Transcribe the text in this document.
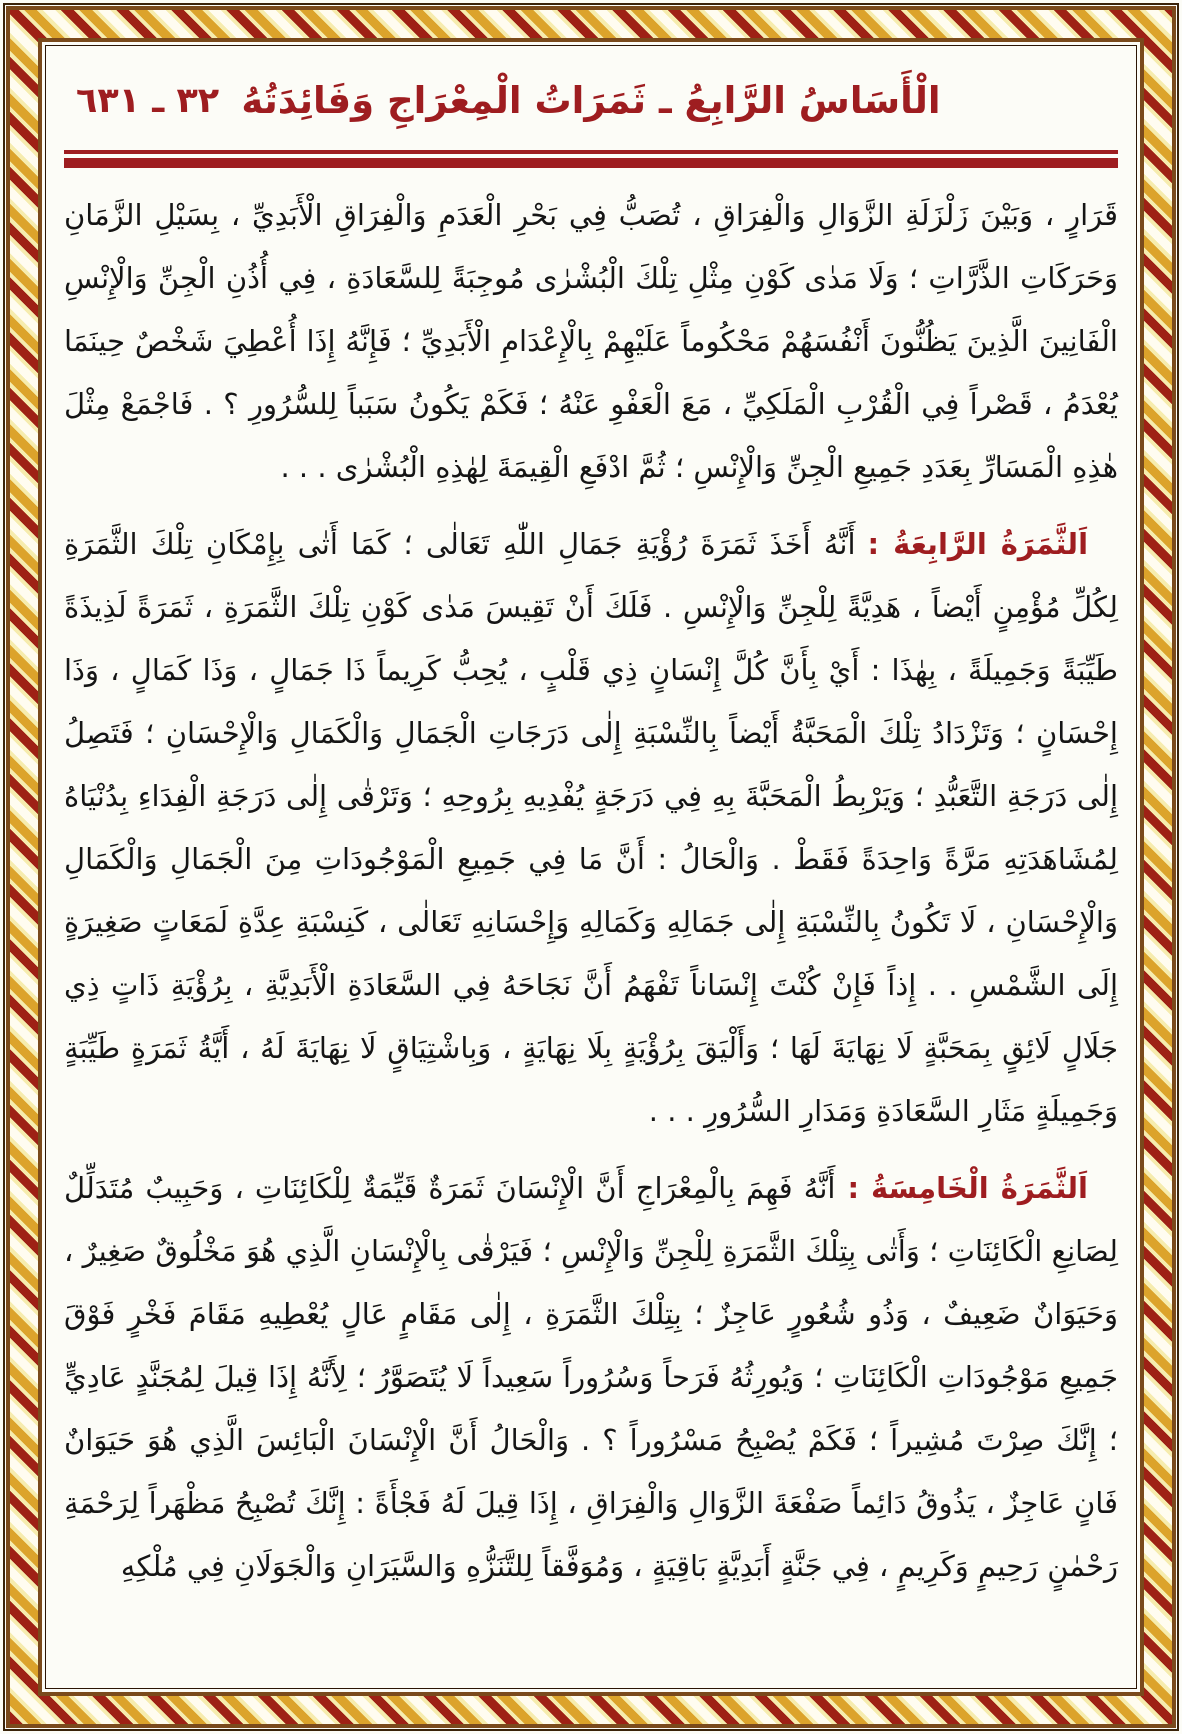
الْأَسَاسُ الرَّابِعُ ـ ثَمَرَاتُ الْمِعْرَاجِ وَفَائِدَتُهُ
٣٢ ـ ٦٣١

قَرَارٍ ، وَبَيْنَ زَلْزَلَةِ الزَّوَالِ وَالْفِرَاقِ ، تُصَبُّ فِي بَحْرِ الْعَدَمِ وَالْفِرَاقِ الْأَبَدِيِّ ، بِسَيْلِ الزَّمَانِ وَحَرَكَاتِ الذَّرَّاتِ ؛ وَلَا مَدٰى كَوْنِ مِثْلِ تِلْكَ الْبُشْرٰى مُوجِبَةً لِلسَّعَادَةِ ، فِي أُذُنِ الْجِنِّ وَالْإِنْسِ الْفَانِينَ الَّذِينَ يَظُنُّونَ أَنْفُسَهُمْ مَحْكُوماً عَلَيْهِمْ بِالْإِعْدَامِ الْأَبَدِيِّ ؛ فَإِنَّهُ إِذَا أُعْطِيَ شَخْصٌ حِينَمَا يُعْدَمُ ، قَصْراً فِي الْقُرْبِ الْمَلَكِيِّ ، مَعَ الْعَفْوِ عَنْهُ ؛ فَكَمْ يَكُونُ سَبَباً لِلسُّرُورِ ؟ . فَاجْمَعْ مِثْلَ هٰذِهِ الْمَسَارِّ بِعَدَدِ جَمِيعِ الْجِنِّ وَالْإِنْسِ ؛ ثُمَّ ادْفَعِ الْقِيمَةَ لِهٰذِهِ الْبُشْرٰى . . .

اَلثَّمَرَةُ الرَّابِعَةُ :أَنَّهُ أَخَذَ ثَمَرَةَ رُؤْيَةِ جَمَالِ اللّٰهِ تَعَالٰى ؛ كَمَا أَتٰى بِإِمْكَانِ تِلْكَ الثَّمَرَةِ لِكُلِّ مُؤْمِنٍ أَيْضاً ، هَدِيَّةً لِلْجِنِّ وَالْإِنْسِ . فَلَكَ أَنْ تَقِيسَ مَدٰى كَوْنِ تِلْكَ الثَّمَرَةِ ، ثَمَرَةً لَذِيذَةً طَيِّبَةً وَجَمِيلَةً ، بِهٰذَا : أَيْ بِأَنَّ كُلَّ إِنْسَانٍ ذِي قَلْبٍ ، يُحِبُّ كَرِيماً ذَا جَمَالٍ ، وَذَا كَمَالٍ ، وَذَا إِحْسَانٍ ؛ وَتَزْدَادُ تِلْكَ الْمَحَبَّةُ أَيْضاً بِالنِّسْبَةِ إِلٰى دَرَجَاتِ الْجَمَالِ وَالْكَمَالِ وَالْإِحْسَانِ ؛ فَتَصِلُ إِلٰى دَرَجَةِ التَّعَبُّدِ ؛ وَيَرْبِطُ الْمَحَبَّةَ بِهِ فِي دَرَجَةٍ يُفْدِيهِ بِرُوحِهِ ؛ وَتَرْقٰى إِلٰى دَرَجَةِ الْفِدَاءِ بِدُنْيَاهُ لِمُشَاهَدَتِهِ مَرَّةً وَاحِدَةً فَقَطْ . وَالْحَالُ : أَنَّ مَا فِي جَمِيعِ الْمَوْجُودَاتِ مِنَ الْجَمَالِ وَالْكَمَالِ وَالْإِحْسَانِ ، لَا تَكُونُ بِالنِّسْبَةِ إِلٰى جَمَالِهِ وَكَمَالِهِ وَإِحْسَانِهِ تَعَالٰى ، كَنِسْبَةِ عِدَّةِ لَمَعَاتٍ صَغِيرَةٍ إِلَى الشَّمْسِ . . إِذاً فَإِنْ كُنْتَ إِنْسَاناً تَفْهَمُ أَنَّ نَجَاحَهُ فِي السَّعَادَةِ الْأَبَدِيَّةِ ، بِرُؤْيَةِ ذَاتٍ ذِي جَلَالٍ لَائِقٍ بِمَحَبَّةٍ لَا نِهَايَةَ لَهَا ؛ وَأَلْيَقَ بِرُؤْيَةٍ بِلَا نِهَايَةٍ ، وَبِاشْتِيَاقٍ لَا نِهَايَةَ لَهُ ، أَيَّةُ ثَمَرَةٍ طَيِّبَةٍ وَجَمِيلَةٍ مَثَارِ السَّعَادَةِ وَمَدَارِ السُّرُورِ . . .

اَلثَّمَرَةُ الْخَامِسَةُ :أَنَّهُ فَهِمَ بِالْمِعْرَاجِ أَنَّ الْإِنْسَانَ ثَمَرَةٌ قَيِّمَةٌ لِلْكَائِنَاتِ ، وَحَبِيبٌ مُتَدَلِّلٌ لِصَانِعِ الْكَائِنَاتِ ؛ وَأَتٰى بِتِلْكَ الثَّمَرَةِ لِلْجِنِّ وَالْإِنْسِ ؛ فَيَرْقٰى بِالْإِنْسَانِ الَّذِي هُوَ مَخْلُوقٌ صَغِيرٌ ، وَحَيَوَانٌ ضَعِيفٌ ، وَذُو شُعُورٍ عَاجِزٌ ؛ بِتِلْكَ الثَّمَرَةِ ، إِلٰى مَقَامٍ عَالٍ يُعْطِيهِ مَقَامَ فَخْرٍ فَوْقَ جَمِيعِ مَوْجُودَاتِ الْكَائِنَاتِ ؛ وَيُورِثُهُ فَرَحاً وَسُرُوراً سَعِيداً لَا يُتَصَوَّرُ ؛ لِأَنَّهُ إِذَا قِيلَ لِمُجَنَّدٍ عَادِيٍّ ؛ إِنَّكَ صِرْتَ مُشِيراً ؛ فَكَمْ يُصْبِحُ مَسْرُوراً ؟ . وَالْحَالُ أَنَّ الْإِنْسَانَ الْبَائِسَ الَّذِي هُوَ حَيَوَانٌ فَانٍ عَاجِزٌ ، يَذُوقُ دَائِماً صَفْعَةَ الزَّوَالِ وَالْفِرَاقِ ، إِذَا قِيلَ لَهُ فَجْأَةً : إِنَّكَ تُصْبِحُ مَظْهَراً لِرَحْمَةِ رَحْمٰنٍ رَحِيمٍ وَكَرِيمٍ ، فِي جَنَّةٍ أَبَدِيَّةٍ بَاقِيَةٍ ، وَمُوَفَّقاً لِلتَّنَزُّهِ وَالسَّيَرَانِ وَالْجَوَلَانِ فِي مُلْكِهِ
